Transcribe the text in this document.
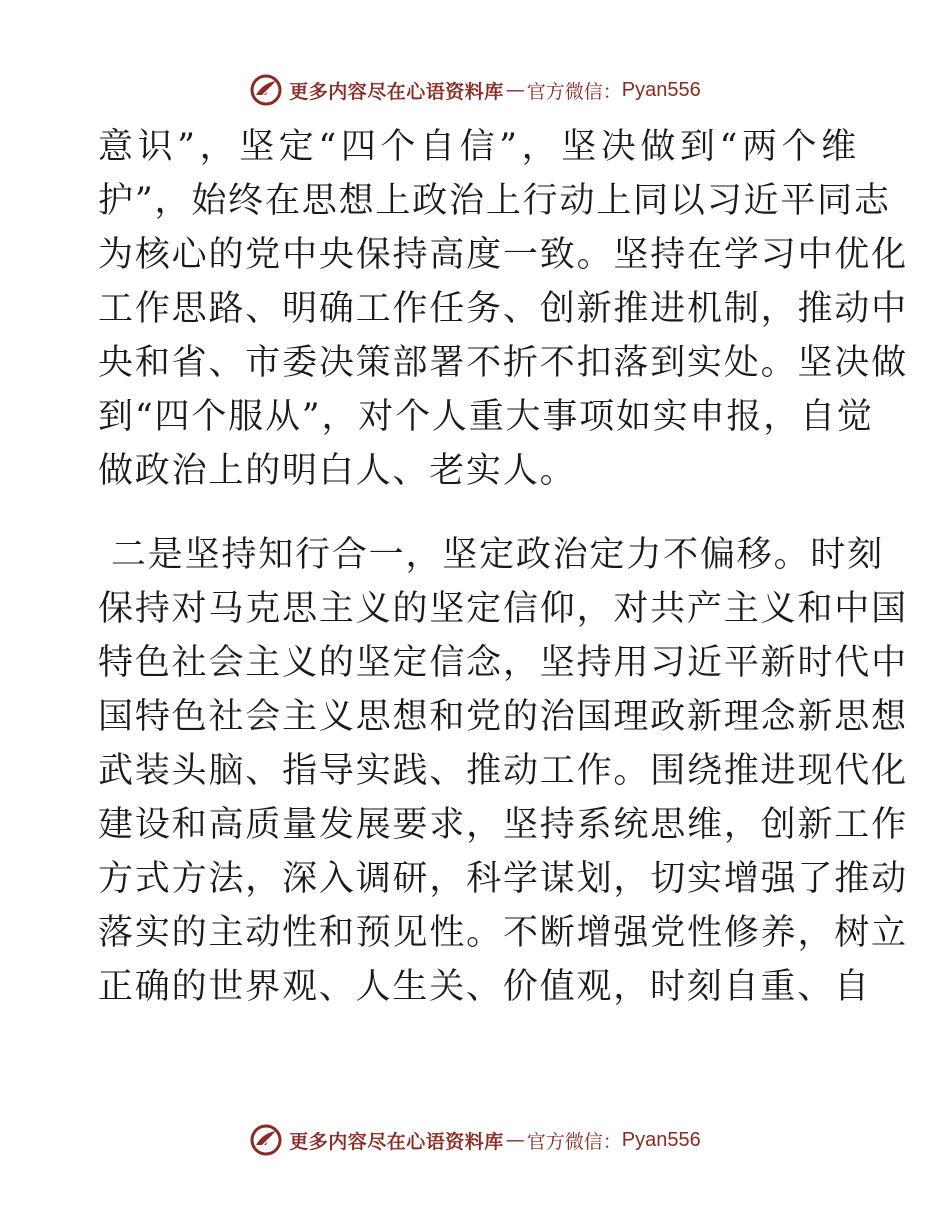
更多内容尽在心语资料库 — 官方微信： Pyan556
意 识 ” ， 坚 定 “ 四 个 自 信 ” ， 坚 决 做 到 “ 两 个 维
护 ” ， 始 终 在 思 想 上 政 治 上 行 动 上 同 以 习 近 平 同 志
为 核 心 的 党 中 央 保 持 高 度 一 致 。 坚 持 在 学 习 中 优 化
工 作 思 路 、 明 确 工 作 任 务 、 创 新 推 进 机 制 ， 推 动 中
央 和 省 、 市 委 决 策 部 署 不 折 不 扣 落 到 实 处 。 坚 决 做
到 “ 四 个 服 从 ” ， 对 个 人 重 大 事 项 如 实 申 报 ， 自 觉
做政治上的明白人、老实人。

二 是 坚 持 知 行 合 一 ， 坚 定 政 治 定 力 不 偏 移 。 时 刻
保 持 对 马 克 思 主 义 的 坚 定 信 仰 ， 对 共 产 主 义 和 中 国
特 色 社 会 主 义 的 坚 定 信 念 ， 坚 持 用 习 近 平 新 时 代 中
国 特 色 社 会 主 义 思 想 和 党 的 治 国 理 政 新 理 念 新 思 想
武 装 头 脑 、 指 导 实 践 、 推 动 工 作 。 围 绕 推 进 现 代 化
建 设 和 高 质 量 发 展 要 求 ， 坚 持 系 统 思 维 ， 创 新 工 作
方 式 方 法 ， 深 入 调 研 ， 科 学 谋 划 ， 切 实 增 强 了 推 动
落 实 的 主 动 性 和 预 见 性 。 不 断 增 强 党 性 修 养 ， 树 立
正确的世界观、人生关、价值观，时刻自重、自
更多内容尽在心语资料库 — 官方微信： Pyan556
